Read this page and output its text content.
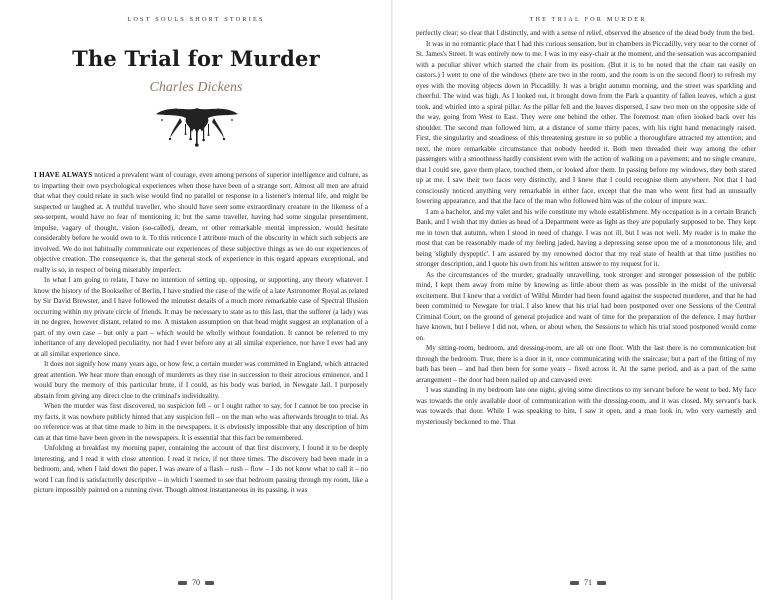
LOST SOULS SHORT STORIES
The Trial for Murder
Charles Dickens

I HAVE ALWAYS noticed a prevalent want of courage, even among persons of superior intelligence and culture, as to imparting their own psychological experiences when those have been of a strange sort. Almost all men are afraid that what they could relate in such wise would find no parallel or response in a listener's internal life, and might be suspected or laughed at. A truthful traveller, who should have seen some extraordinary creature in the likeness of a sea-serpent, would have no fear of mentioning it; but the same traveller, having had some singular presentiment, impulse, vagary of thought, vision (so-called), dream, or other remarkable mental impression, would hesitate considerably before he would own to it. To this reticence I attribute much of the obscurity in which such subjects are involved. We do not habitually communicate our experiences of these subjective things as we do our experiences of objective creation. The consequence is, that the general stock of experience in this regard appears exceptional, and really is so, in respect of being miserably imperfect.

In what I am going to relate, I have no intention of setting up, opposing, or supporting, any theory whatever. I know the history of the Bookseller of Berlin, I have studied the case of the wife of a late Astronomer Royal as related by Sir David Brewster, and I have followed the minutest details of a much more remarkable case of Spectral Illusion occurring within my private circle of friends. It may be necessary to state as to this last, that the sufferer (a lady) was in no degree, however distant, related to me. A mistaken assumption on that head might suggest an explanation of a part of my own case – but only a part – which would be wholly without foundation. It cannot be referred to my inheritance of any developed peculiarity, nor had I ever before any at all similar experience, nor have I ever had any at all similar experience since.

It does not signify how many years ago, or how few, a certain murder was committed in England, which attracted great attention. We hear more than enough of murderers as they rise in succession to their atrocious eminence, and I would bury the memory of this particular brute, if I could, as his body was buried, in Newgate Jail. I purposely abstain from giving any direct clue to the criminal's individuality.

When the murder was first discovered, no suspicion fell – or I ought rather to say, for I cannot be too precise in my facts, it was nowhere publicly hinted that any suspicion fell – on the man who was afterwards brought to trial. As no reference was at that time made to him in the newspapers, it is obviously impossible that any description of him can at that time have been given in the newspapers. It is essential that this fact be remembered.

Unfolding at breakfast my morning paper, containing the account of that first discovery, I found it to be deeply interesting, and I read it with close attention. I read it twice, if not three times. The discovery had been made in a bedroom, and, when I laid down the paper, I was aware of a flash – rush – flow – I do not know what to call it – no word I can find is satisfactorily descriptive – in which I seemed to see that bedroom passing through my room, like a picture impossibly painted on a running river. Though almost instantaneous in its passing, it was

70
THE TRIAL FOR MURDER

perfectly clear; so clear that I distinctly, and with a sense of relief, observed the absence of the dead body from the bed.

It was in no romantic place that I had this curious sensation, but in chambers in Piccadilly, very near to the corner of St. James's Street. It was entirely new to me. I was in my easy-chair at the moment, and the sensation was accompanied with a peculiar shiver which started the chair from its position. (But it is to be noted that the chair ran easily on castors.) I went to one of the windows (there are two in the room, and the room is on the second floor) to refresh my eyes with the moving objects down in Piccadilly. It was a bright autumn morning, and the street was sparkling and cheerful. The wind was high. As I looked out, it brought down from the Park a quantity of fallen leaves, which a gust took, and whirled into a spiral pillar. As the pillar fell and the leaves dispersed, I saw two men on the opposite side of the way, going from West to East. They were one behind the other. The foremost man often looked back over his shoulder. The second man followed him, at a distance of some thirty paces, with his right hand menacingly raised. First, the singularity and steadiness of this threatening gesture in so public a thoroughfare attracted my attention; and next, the more remarkable circumstance that nobody heeded it. Both men threaded their way among the other passengers with a smoothness hardly consistent even with the action of walking on a pavement; and no single creature, that I could see, gave them place, touched them, or looked after them. In passing before my windows, they both stared up at me. I saw their two faces very distinctly, and I knew that I could recognise them anywhere. Not that I had consciously noticed anything very remarkable in either face, except that the man who went first had an unusually lowering appearance, and that the face of the man who followed him was of the colour of impure wax.

I am a bachelor, and my valet and his wife constitute my whole establishment. My occupation is in a certain Branch Bank, and I wish that my duties as head of a Department were as light as they are popularly supposed to be. They kept me in town that autumn, when I stood in need of change. I was not ill, but I was not well. My reader is to make the most that can be reasonably made of my feeling jaded, having a depressing sense upon me of a monotonous life, and being 'slightly dyspeptic'. I am assured by my renowned doctor that my real state of health at that time justifies no stronger description, and I quote his own from his written answer to my request for it.

As the circumstances of the murder, gradually unravelling, took stronger and stronger possession of the public mind, I kept them away from mine by knowing as little about them as was possible in the midst of the universal excitement. But I knew that a verdict of Wilful Murder had been found against the suspected murderer, and that he had been committed to Newgate for trial. I also knew that his trial had been postponed over one Sessions of the Central Criminal Court, on the ground of general prejudice and want of time for the preparation of the defence. I may further have known, but I believe I did not, when, or about when, the Sessions to which his trial stood postponed would come on.

My sitting-room, bedroom, and dressing-room, are all on one floor. With the last there is no communication but through the bedroom. True, there is a door in it, once communicating with the staircase; but a part of the fitting of my bath has been – and had then been for some years – fixed across it. At the same period, and as a part of the same arrangement – the door had been nailed up and canvased over.

I was standing in my bedroom late one night, giving some directions to my servant before he went to bed. My face was towards the only available door of communication with the dressing-room, and it was closed. My servant's back was towards that door. While I was speaking to him, I saw it open, and a man look in, who very earnestly and mysteriously beckoned to me. That

71
